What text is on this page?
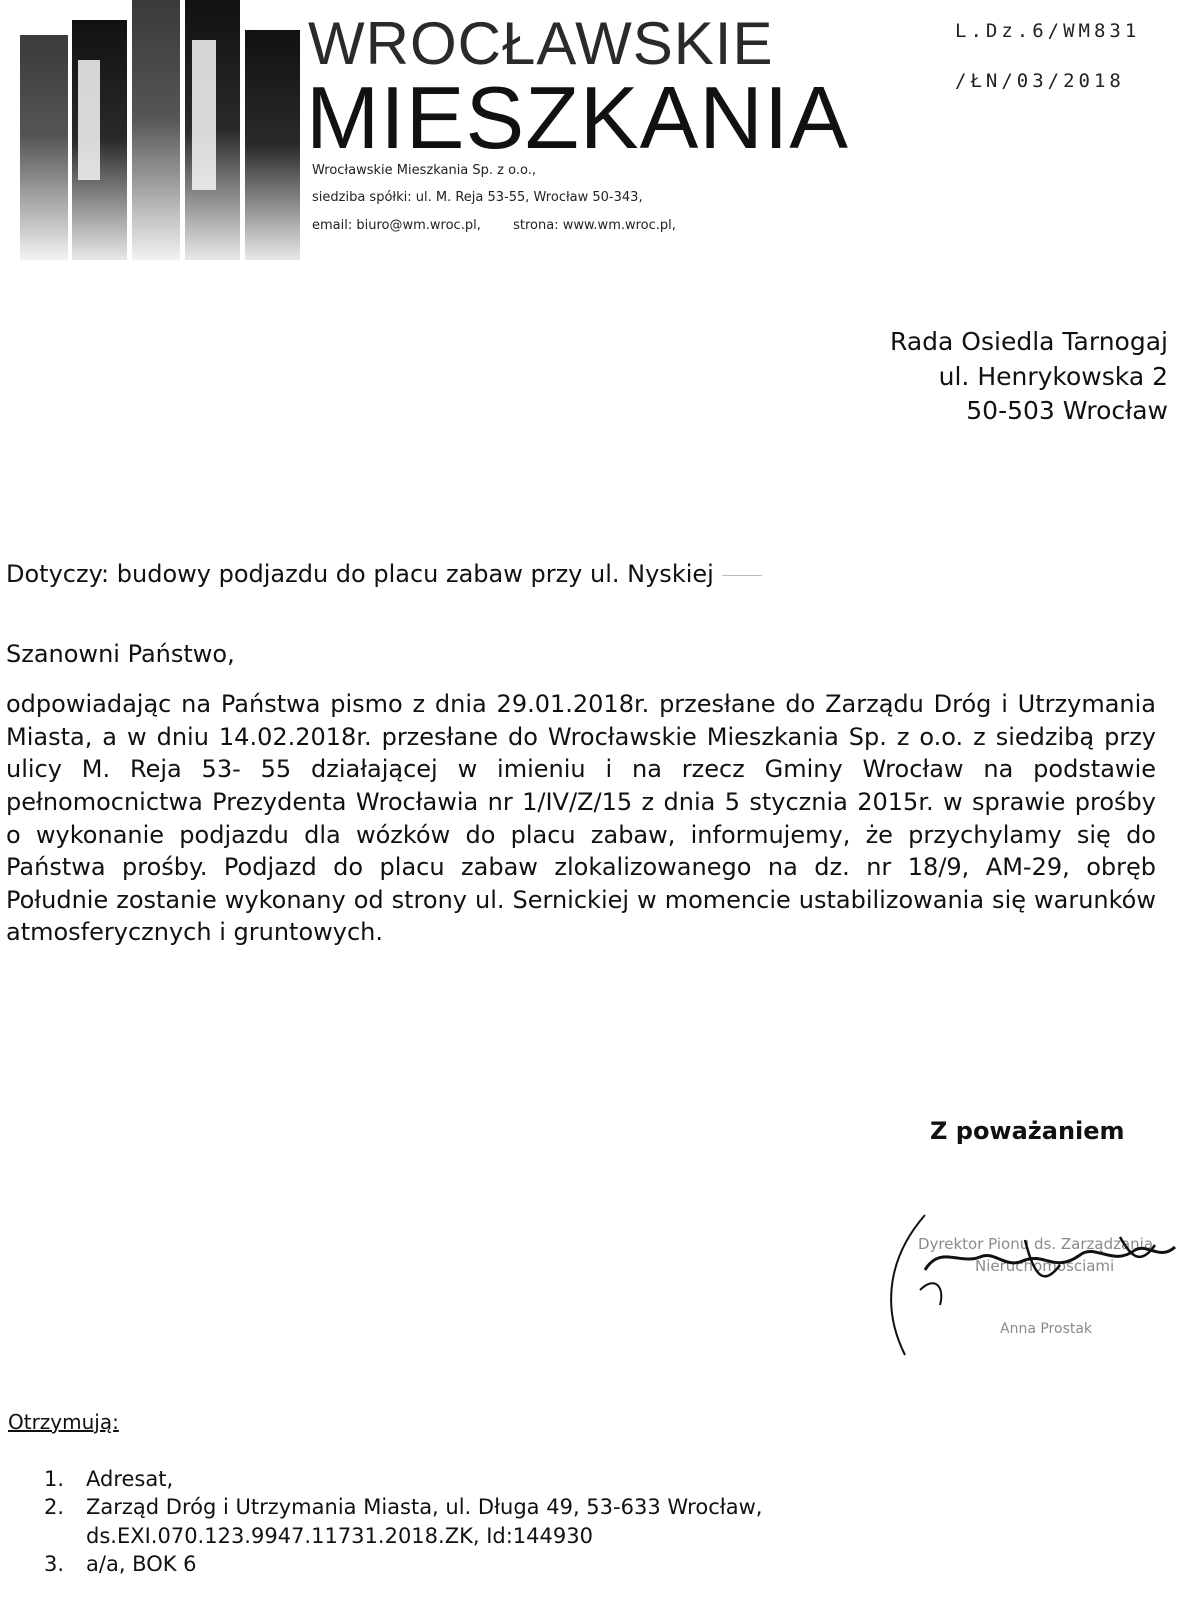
WROCŁAWSKIE
MIESZKANIA
Wrocławskie Mieszkania Sp. z o.o.,
siedziba spółki: ul. M. Reja 53-55, Wrocław 50-343,
email: biuro@wm.wroc.pl, strona: www.wm.wroc.pl,
L.Dz.6/WM831
/ŁN/03/2018
Rada Osiedla Tarnogaj
ul. Henrykowska 2
50-503 Wrocław
Dotyczy: budowy podjazdu do placu zabaw przy ul. Nyskiej
Szanowni Państwo,

odpowiadając na Państwa pismo z dnia 29.01.2018r. przesłane do Zarządu Dróg i Utrzymania Miasta, a w dniu 14.02.2018r. przesłane do Wrocławskie Mieszkania Sp. z o.o. z siedzibą przy ulicy M. Reja 53- 55 działającej w imieniu i na rzecz Gminy Wrocław na podstawie pełnomocnictwa Prezydenta Wrocławia nr 1/IV/Z/15 z dnia 5 stycznia 2015r. w sprawie prośby o wykonanie podjazdu dla wózków do placu zabaw, informujemy, że przychylamy się do Państwa prośby. Podjazd do placu zabaw zlokalizowanego na dz. nr 18/9, AM-29, obręb Południe zostanie wykonany od strony ul. Sernickiej w momencie ustabilizowania się warunków atmosferycznych i gruntowych.

Z poważaniem
Dyrektor Pionu ds. Zarządzania
Nieruchomościami
Anna Prostak
Otrzymują:
1.	Adresat,
2.	Zarząd Dróg i Utrzymania Miasta, ul. Długa 49, 53-633 Wrocław,
ds.EXI.070.123.9947.11731.2018.ZK, Id:144930
3.	a/a, BOK 6
